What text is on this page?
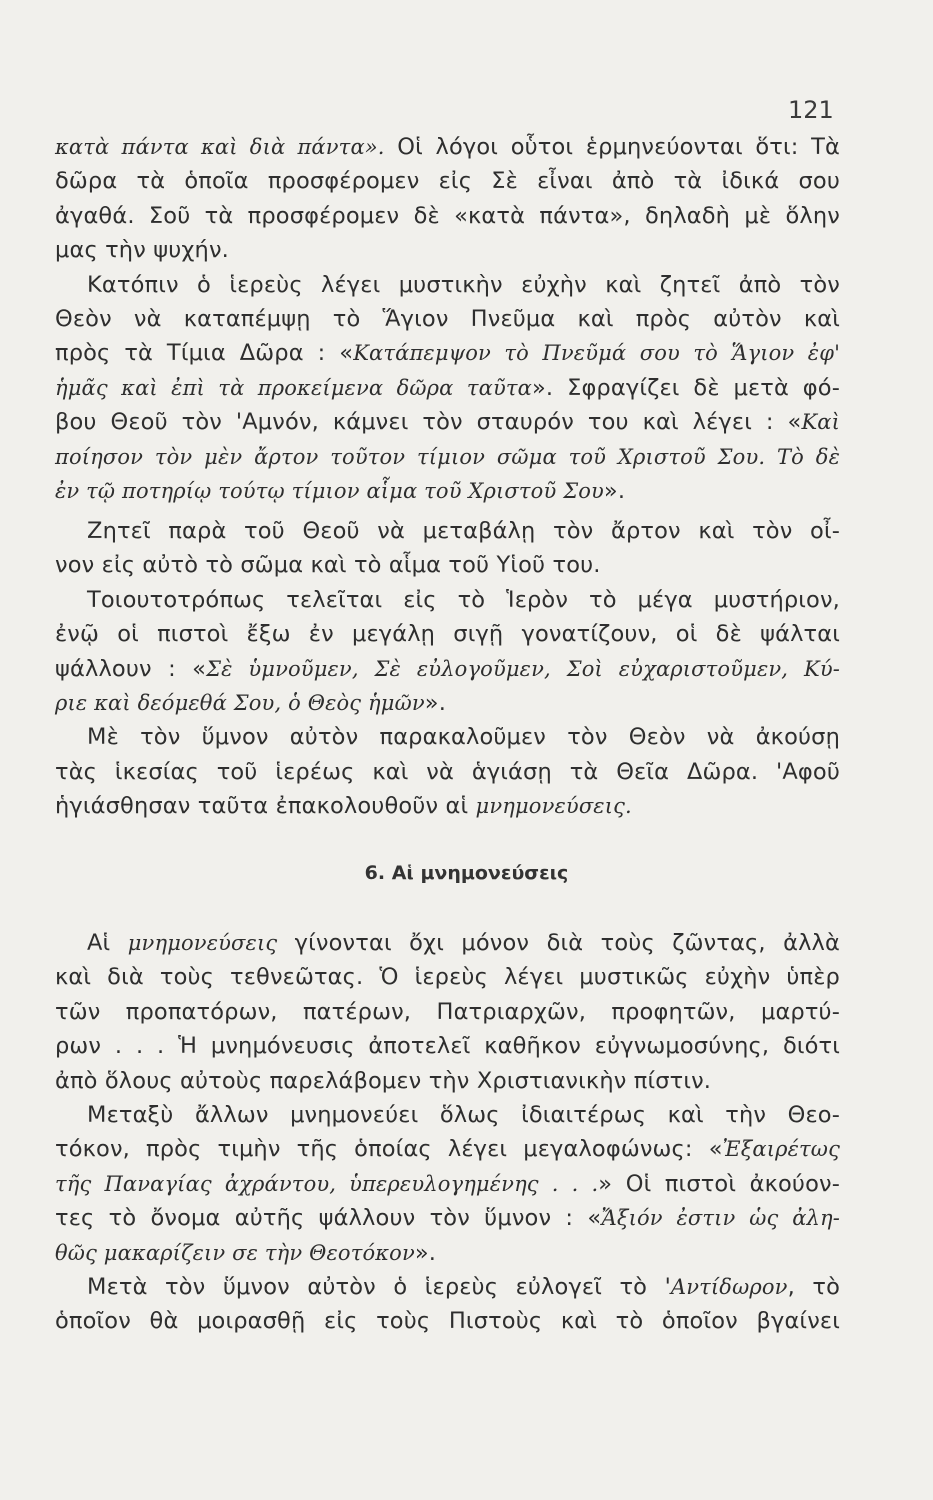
121
κατὰ πάντα καὶ διὰ πάντα». Οἱ λόγοι οὗτοι ἑρμηνεύονται ὅτι: Τὰ
δῶρα τὰ ὁποῖα προσφέρομεν εἰς Σὲ εἶναι ἀπὸ τὰ ἰδικά σου
ἀγαθά. Σοῦ τὰ προσφέρομεν δὲ «κατὰ πάντα», δηλαδὴ μὲ ὅλην
μας τὴν ψυχήν.
Κατόπιν ὁ ἱερεὺς λέγει μυστικὴν εὐχὴν καὶ ζητεῖ ἀπὸ τὸν
Θεὸν νὰ καταπέμψῃ τὸ Ἅγιον Πνεῦμα καὶ πρὸς αὐτὸν καὶ
πρὸς τὰ Τίμια Δῶρα : «Κατάπεμψον τὸ Πνεῦμά σου τὸ Ἅγιον ἐφ'
ἡμᾶς καὶ ἐπὶ τὰ προκείμενα δῶρα ταῦτα». Σφραγίζει δὲ μετὰ φό-
βου Θεοῦ τὸν 'Αμνόν, κάμνει τὸν σταυρόν του καὶ λέγει : «Καὶ
ποίησον τὸν μὲν ἄρτον τοῦτον τίμιον σῶμα τοῦ Χριστοῦ Σου. Τὸ δὲ
ἐν τῷ ποτηρίῳ τούτῳ τίμιον αἷμα τοῦ Χριστοῦ Σου».
Ζητεῖ παρὰ τοῦ Θεοῦ νὰ μεταβάλῃ τὸν ἄρτον καὶ τὸν οἶ-
νον εἰς αὐτὸ τὸ σῶμα καὶ τὸ αἷμα τοῦ Υἱοῦ του.
Τοιουτοτρόπως τελεῖται εἰς τὸ Ἱερὸν τὸ μέγα μυστήριον,
ἐνῷ οἱ πιστοὶ ἔξω ἐν μεγάλῃ σιγῇ γονατίζουν, οἱ δὲ ψάλται
ψάλλουν : «Σὲ ὑμνοῦμεν, Σὲ εὐλογοῦμεν, Σοὶ εὐχαριστοῦμεν, Κύ-
ριε καὶ δεόμεθά Σου, ὁ Θεὸς ἡμῶν».
Μὲ τὸν ὕμνον αὐτὸν παρακαλοῦμεν τὸν Θεὸν νὰ ἀκούσῃ
τὰς ἱκεσίας τοῦ ἱερέως καὶ νὰ ἁγιάσῃ τὰ Θεῖα Δῶρα. 'Αφοῦ
ἡγιάσθησαν ταῦτα ἐπακολουθοῦν αἱ μνημονεύσεις.
6. Αἱ μνημονεύσεις
Αἱ μνημονεύσεις γίνονται ὄχι μόνον διὰ τοὺς ζῶντας, ἀλλὰ
καὶ διὰ τοὺς τεθνεῶτας. Ὁ ἱερεὺς λέγει μυστικῶς εὐχὴν ὑπὲρ
τῶν προπατόρων, πατέρων, Πατριαρχῶν, προφητῶν, μαρτύ-
ρων . . . Ἡ μνημόνευσις ἀποτελεῖ καθῆκον εὐγνωμοσύνης, διότι
ἀπὸ ὅλους αὐτοὺς παρελάβομεν τὴν Χριστιανικὴν πίστιν.
Μεταξὺ ἄλλων μνημονεύει ὅλως ἰδιαιτέρως καὶ τὴν Θεο-
τόκον, πρὸς τιμὴν τῆς ὁποίας λέγει μεγαλοφώνως: «Ἐξαιρέτως
τῆς Παναγίας ἀχράντου, ὑπερευλογημένης . . .» Οἱ πιστοὶ ἀκούον-
τες τὸ ὄνομα αὐτῆς ψάλλουν τὸν ὕμνον : «Ἄξιόν ἐστιν ὡς ἀλη-
θῶς μακαρίζειν σε τὴν Θεοτόκον».
Μετὰ τὸν ὕμνον αὐτὸν ὁ ἱερεὺς εὐλογεῖ τὸ 'Αντίδωρον, τὸ
ὁποῖον θὰ μοιρασθῇ εἰς τοὺς Πιστοὺς καὶ τὸ ὁποῖον βγαίνει
